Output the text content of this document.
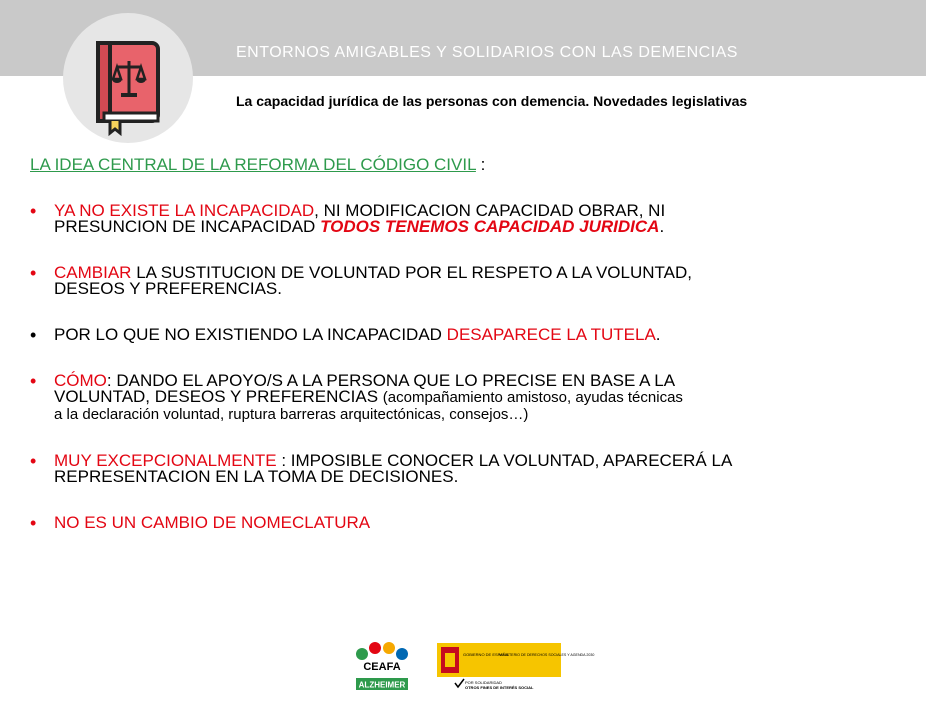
ENTORNOS AMIGABLES Y SOLIDARIOS CON LAS DEMENCIAS
La capacidad jurídica de las personas con demencia. Novedades legislativas
LA IDEA CENTRAL DE LA REFORMA DEL CÓDIGO CIVIL :
• YA NO EXISTE LA INCAPACIDAD, NI MODIFICACION CAPACIDAD OBRAR, NI
PRESUNCION DE INCAPACIDAD TODOS TENEMOS CAPACIDAD JURIDICA.
• CAMBIAR LA SUSTITUCION DE VOLUNTAD POR EL RESPETO A LA VOLUNTAD,
DESEOS Y PREFERENCIAS.
• POR LO QUE NO EXISTIENDO LA INCAPACIDAD DESAPARECE LA TUTELA.
• CÓMO: DANDO EL APOYO/S A LA PERSONA QUE LO PRECISE EN BASE A LA
VOLUNTAD, DESEOS Y PREFERENCIAS (acompañamiento amistoso, ayudas técnicas
a la declaración voluntad, ruptura barreras arquitectónicas, consejos…)
• MUY EXCEPCIONALMENTE : IMPOSIBLE CONOCER LA VOLUNTAD, APARECERÁ LA
REPRESENTACION EN LA TOMA DE DECISIONES.
• NO ES UN CAMBIO DE NOMECLATURA
CEAFA
ALZHEIMER
GOBIERNO DE ESPAÑA
MINISTERIO DE DERECHOS SOCIALES Y AGENDA 2030
POR SOLIDARIDAD
OTROS FINES DE INTERÉS SOCIAL
